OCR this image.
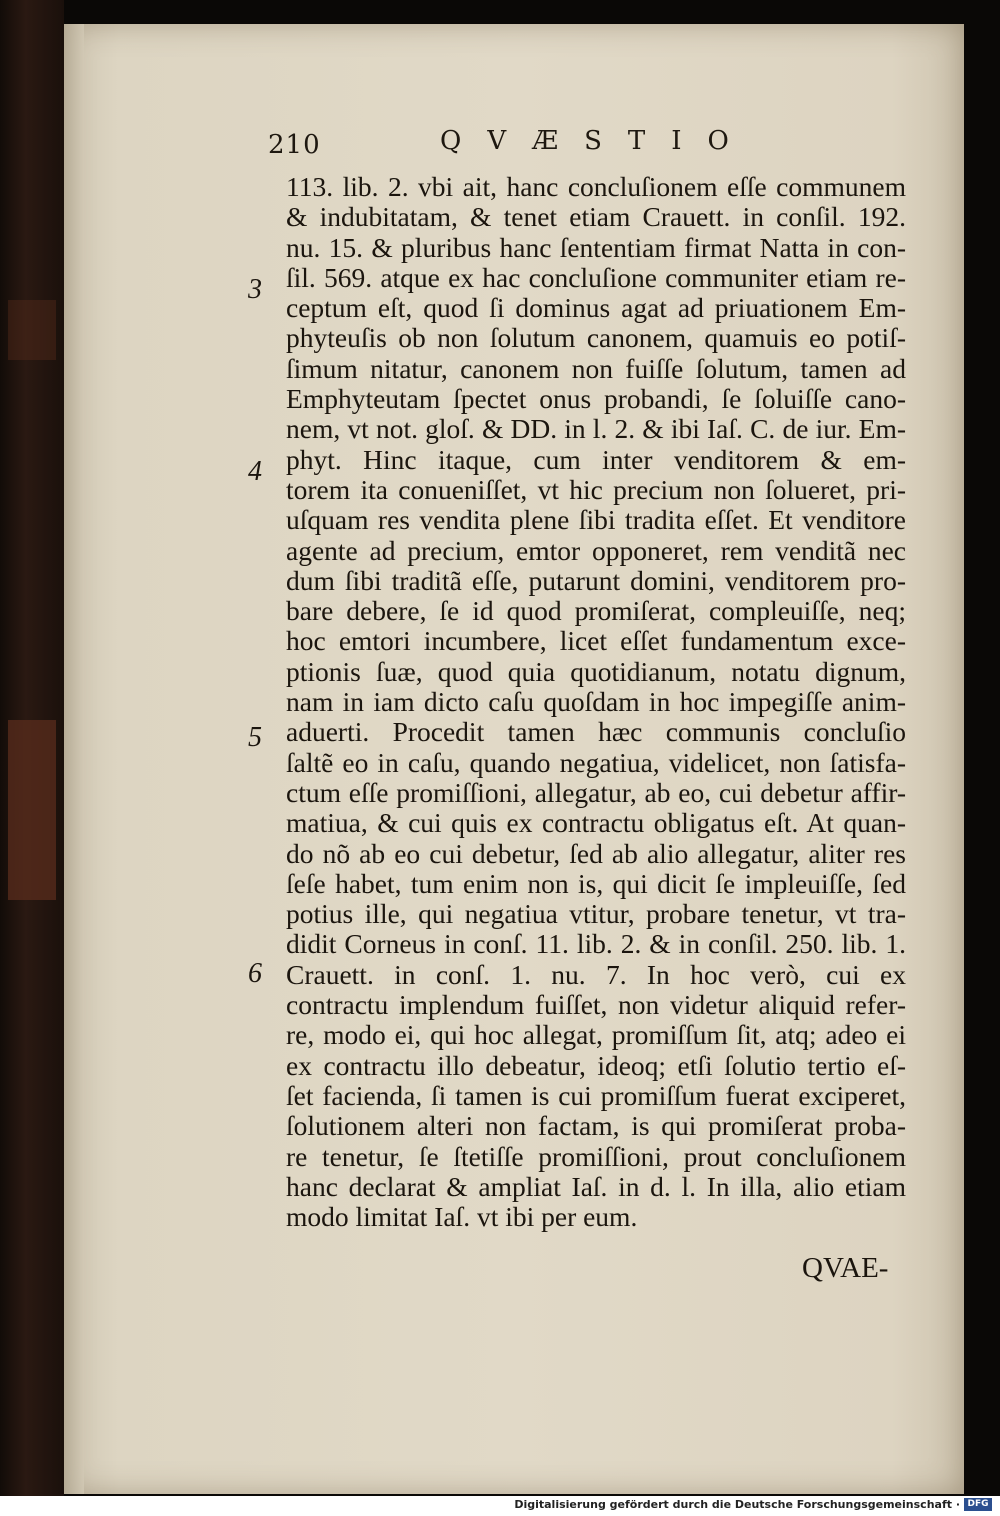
210	QVÆSTIO
3
4
5
6
113. lib. 2. vbi ait, hanc concluſionem eſſe communem
& indubitatam, & tenet etiam Crauett. in conſil. 192.
nu. 15. & pluribus hanc ſententiam firmat Natta in con-
ſil. 569. atque ex hac concluſione communiter etiam re-
ceptum eſt, quod ſi dominus agat ad priuationem Em-
phyteuſis ob non ſolutum canonem, quamuis eo potiſ-
ſimum nitatur, canonem non fuiſſe ſolutum, tamen ad
Emphyteutam ſpectet onus probandi, ſe ſoluiſſe cano-
nem, vt not. gloſ. & DD. in l. 2. & ibi Iaſ. C. de iur. Em-
phyt. Hinc itaque, cum inter venditorem & em-
torem ita conueniſſet, vt hic precium non ſolueret, pri-
uſquam res vendita plene ſibi tradita eſſet. Et venditore
agente ad precium, emtor opponeret, rem venditã nec
dum ſibi traditã eſſe, putarunt domini, venditorem pro-
bare debere, ſe id quod promiſerat, compleuiſſe, neq;
hoc emtori incumbere, licet eſſet fundamentum exce-
ptionis ſuæ, quod quia quotidianum, notatu dignum,
nam in iam dicto caſu quoſdam in hoc impegiſſe anim-
aduerti. Procedit tamen hæc communis concluſio
ſaltẽ eo in caſu, quando negatiua, videlicet, non ſatisfa-
ctum eſſe promiſſioni, allegatur, ab eo, cui debetur affir-
matiua, & cui quis ex contractu obligatus eſt. At quan-
do nõ ab eo cui debetur, ſed ab alio allegatur, aliter res
ſeſe habet, tum enim non is, qui dicit ſe impleuiſſe, ſed
potius ille, qui negatiua vtitur, probare tenetur, vt tra-
didit Corneus in conſ. 11. lib. 2. & in conſil. 250. lib. 1.
Crauett. in conſ. 1. nu. 7. In hoc verò, cui ex
contractu implendum fuiſſet, non videtur aliquid refer-
re, modo ei, qui hoc allegat, promiſſum ſit, atq; adeo ei
ex contractu illo debeatur, ideoq; etſi ſolutio tertio eſ-
ſet facienda, ſi tamen is cui promiſſum fuerat exciperet,
ſolutionem alteri non factam, is qui promiſerat proba-
re tenetur, ſe ſtetiſſe promiſſioni, prout concluſionem
hanc declarat & ampliat Iaſ. in d. l. In illa, alio etiam
modo limitat Iaſ. vt ibi per eum.
QVAE-
Digitalisierung gefördert durch die Deutsche Forschungsgemeinschaft · DFG
